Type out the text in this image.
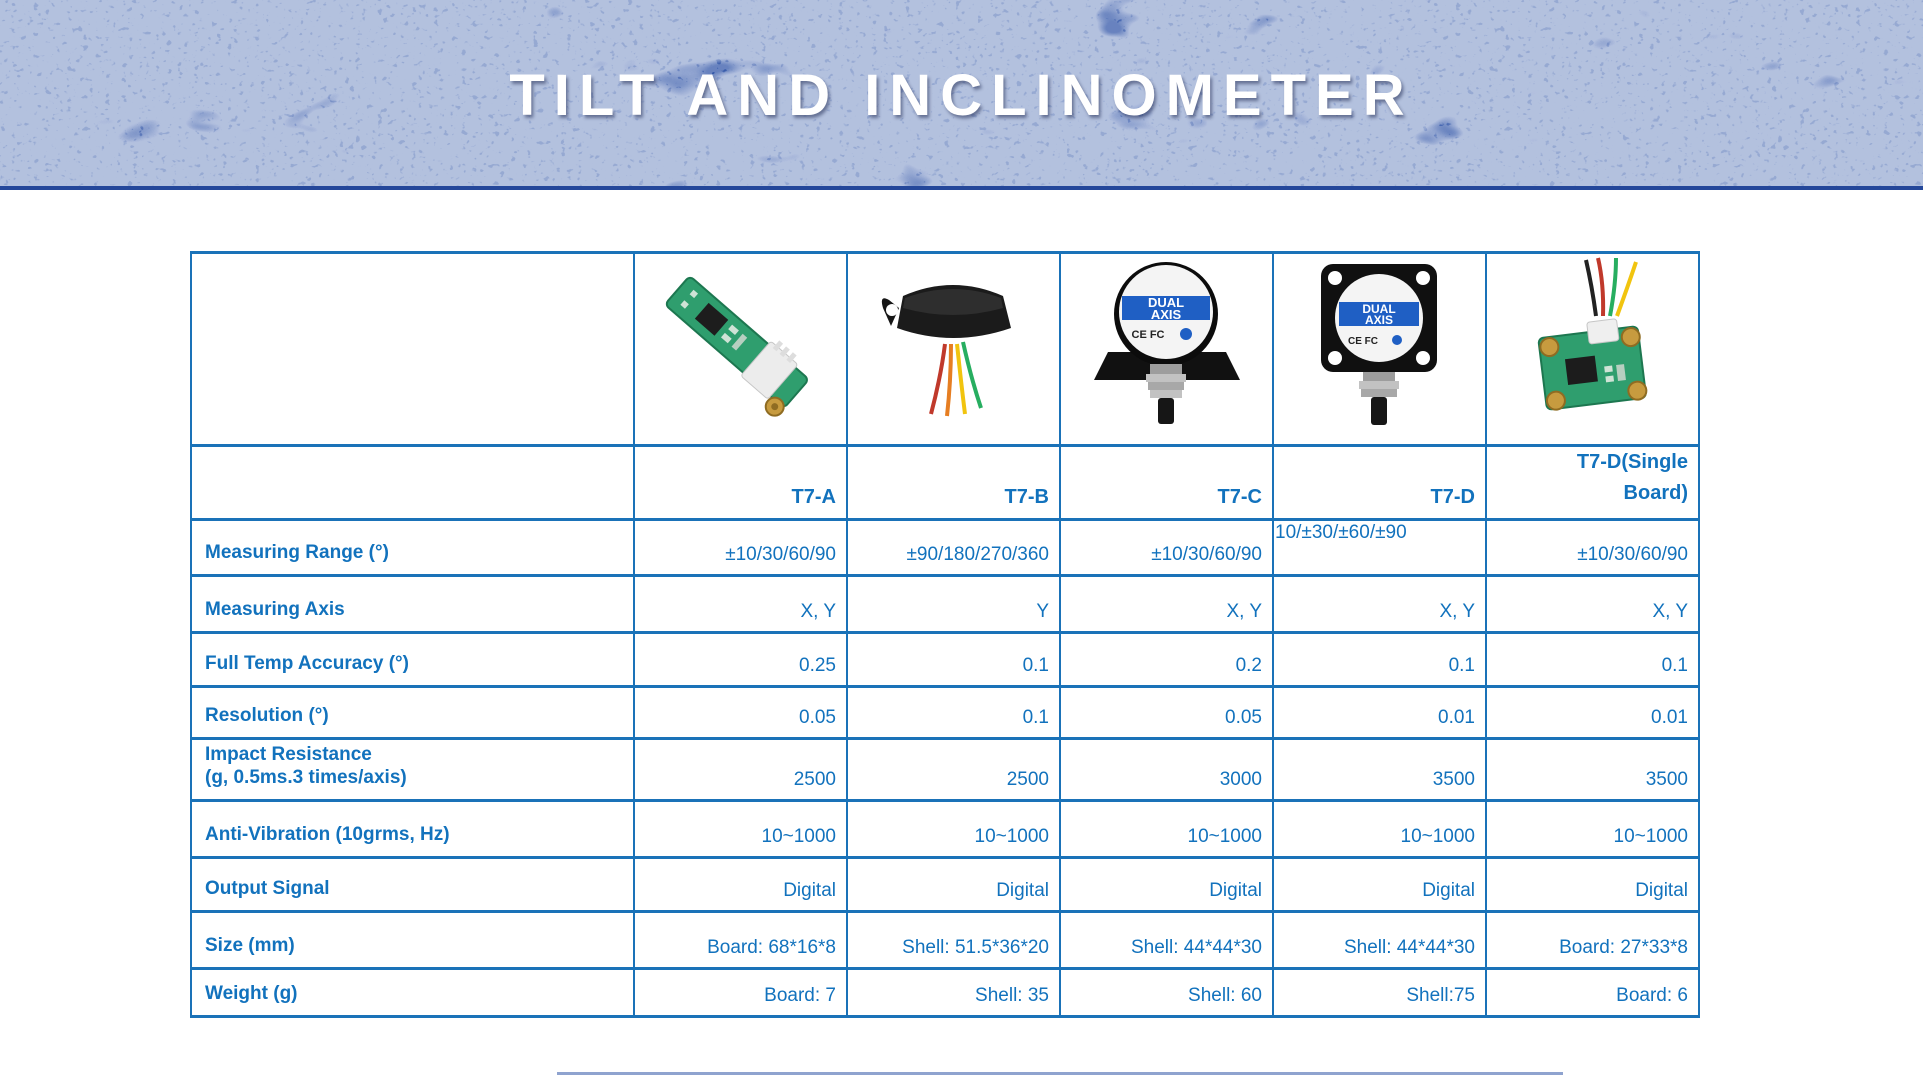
TILT AND INCLINOMETER

DUAL
AXIS
CE FC	DUAL
AXIS
CE FC

	T7-A	T7-B	T7-C	T7-D	T7-D(Single Board)
Measuring Range (°)	±10/30/60/90	±90/180/270/360	±10/30/60/90	10/±30/±60/±90	±10/30/60/90
Measuring Axis	X, Y	Y	X, Y	X, Y	X, Y
Full Temp Accuracy (°)	0.25	0.1	0.2	0.1	0.1
Resolution (°)	0.05	0.1	0.05	0.01	0.01

Impact Resistance
(g, 0.5ms.3 times/axis)	2500	2500	3000	3500	3500
Anti-Vibration (10grms, Hz)	10~1000	10~1000	10~1000	10~1000	10~1000
Output Signal	Digital	Digital	Digital	Digital	Digital
Size (mm)	Board: 68*16*8	Shell: 51.5*36*20	Shell: 44*44*30	Shell: 44*44*30	Board: 27*33*8
Weight (g)	Board: 7	Shell: 35	Shell: 60	Shell:75	Board: 6
